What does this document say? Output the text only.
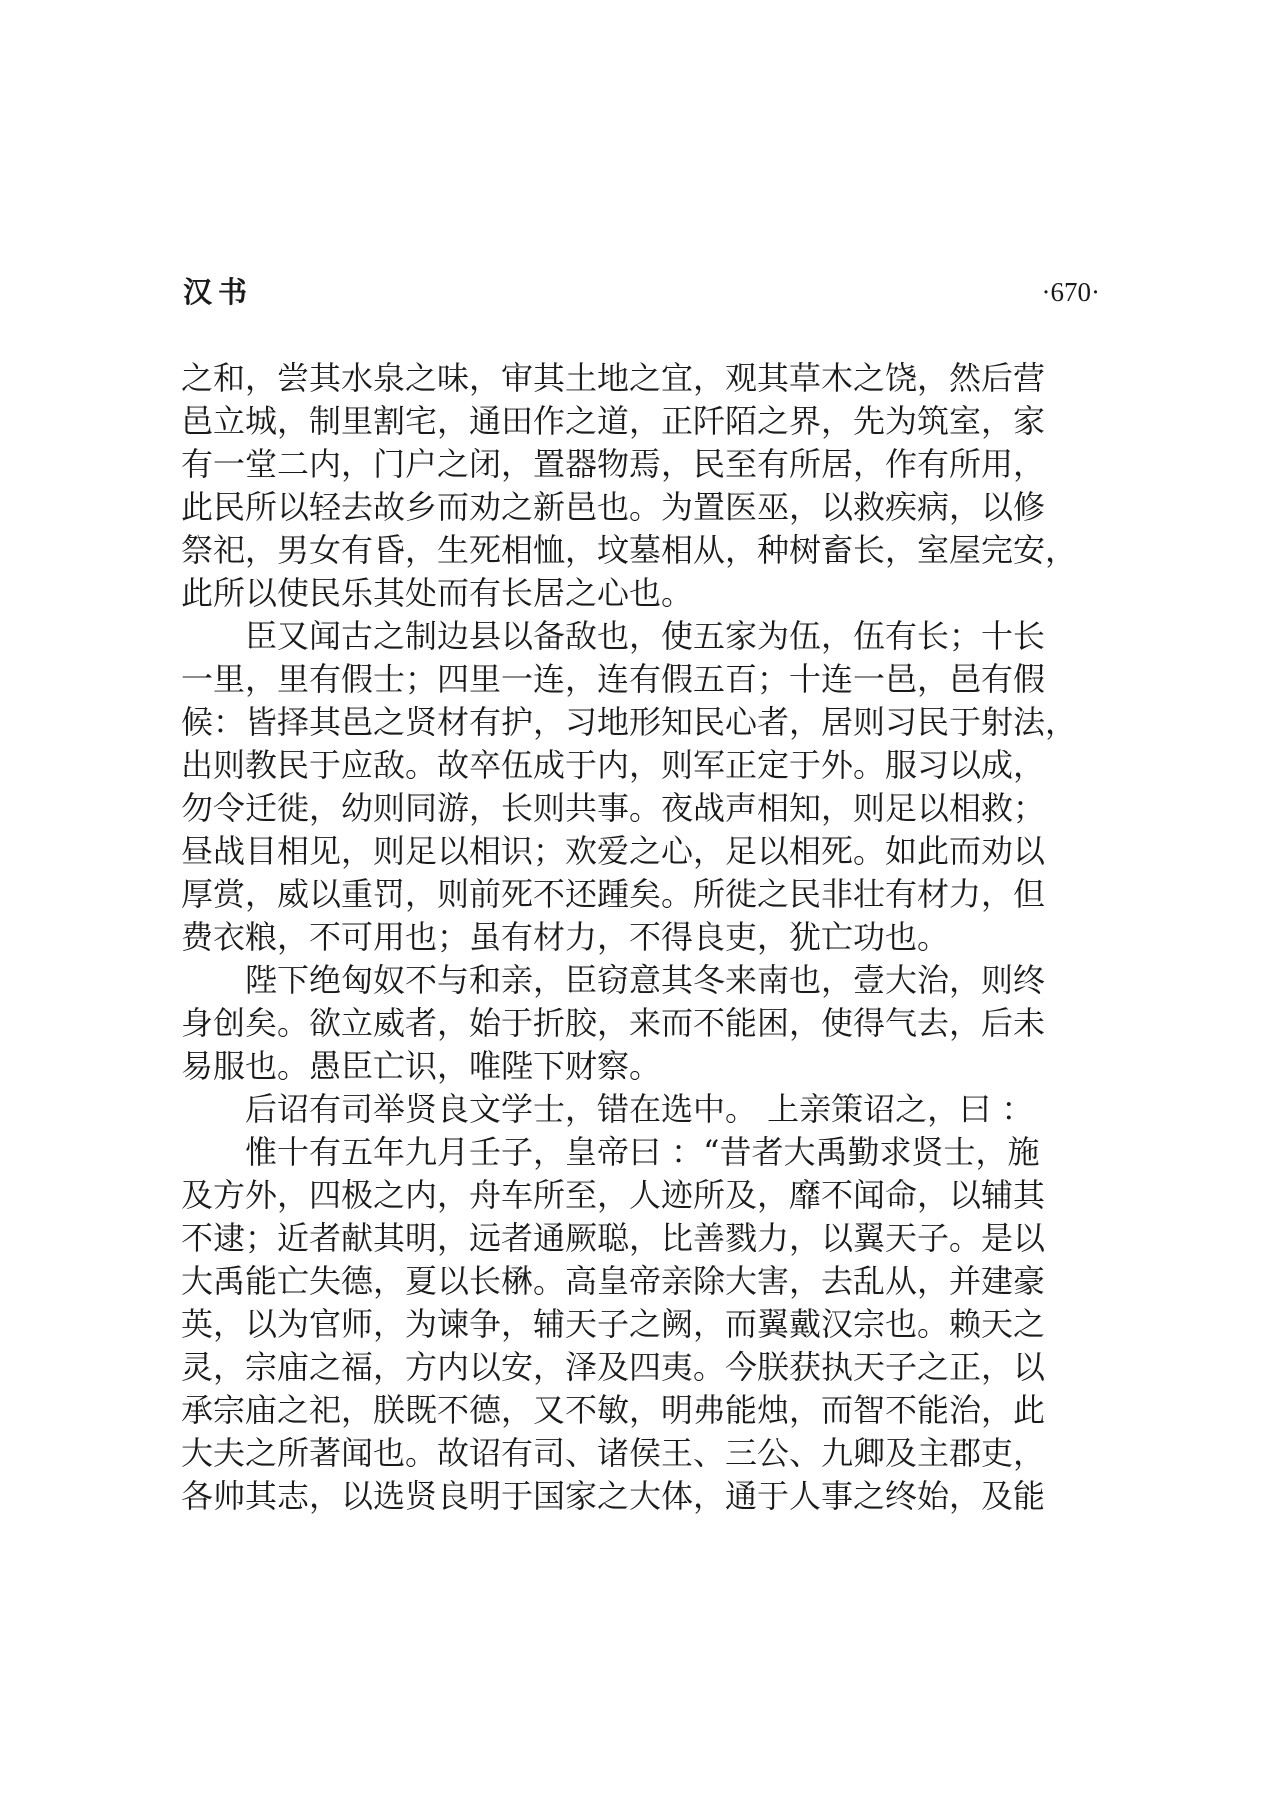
汉书	·670·
之和，尝其水泉之味，审其土地之宜，观其草木之饶，然后营
邑立城，制里割宅，通田作之道，正阡陌之界，先为筑室，家
有一堂二内，门户之闭，置器物焉，民至有所居，作有所用，
此民所以轻去故乡而劝之新邑也。为置医巫，以救疾病，以修
祭祀，男女有昏，生死相恤，坟墓相从，种树畜长，室屋完安，
此所以使民乐其处而有长居之心也。
臣又闻古之制边县以备敌也，使五家为伍，伍有长；十长
一里，里有假士；四里一连，连有假五百；十连一邑，邑有假
候：皆择其邑之贤材有护，习地形知民心者，居则习民于射法，
出则教民于应敌。故卒伍成于内，则军正定于外。服习以成，
勿令迁徙，幼则同游，长则共事。夜战声相知，则足以相救；
昼战目相见，则足以相识；欢爱之心，足以相死。如此而劝以
厚赏，威以重罚，则前死不还踵矣。所徙之民非壮有材力，但
费衣粮，不可用也；虽有材力，不得良吏，犹亡功也。
陛下绝匈奴不与和亲，臣窃意其冬来南也，壹大治，则终
身创矣。欲立威者，始于折胶，来而不能困，使得气去，后未
易服也。愚臣亡识，唯陛下财察。
后诏有司举贤良文学士，错在选中。 上亲策诏之，曰 ：
惟十有五年九月壬子，皇帝曰 ：“昔者大禹勤求贤士，施
及方外，四极之内，舟车所至，人迹所及，靡不闻命，以辅其
不逮；近者献其明，远者通厥聪，比善戮力，以翼天子。是以
大禹能亡失德，夏以长楙。高皇帝亲除大害，去乱从，并建豪
英，以为官师，为谏争，辅天子之阙，而翼戴汉宗也。赖天之
灵，宗庙之福，方内以安，泽及四夷。今朕获执天子之正，以
承宗庙之祀，朕既不德，又不敏，明弗能烛，而智不能治，此
大夫之所著闻也。故诏有司、诸侯王、三公、九卿及主郡吏，
各帅其志，以选贤良明于国家之大体，通于人事之终始，及能
